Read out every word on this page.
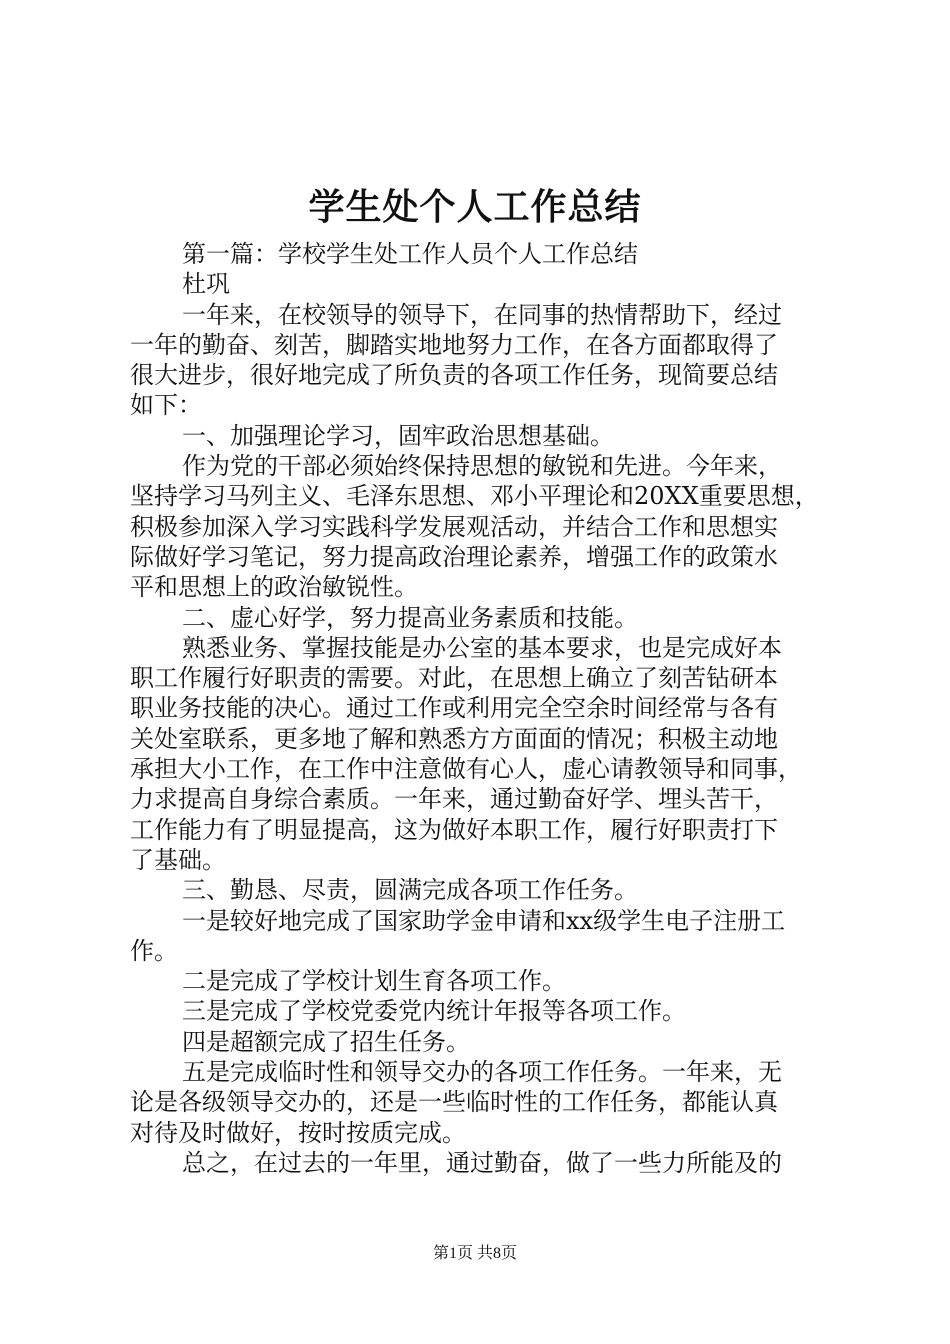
学生处个人工作总结
第一篇：学校学生处工作人员个人工作总结
杜巩
一年来，在校领导的领导下，在同事的热情帮助下，经过
一年的勤奋、刻苦，脚踏实地地努力工作，在各方面都取得了
很大进步，很好地完成了所负责的各项工作任务，现简要总结
如下：
一、加强理论学习，固牢政治思想基础。
作为党的干部必须始终保持思想的敏锐和先进。今年来，
坚持学习马列主义、毛泽东思想、邓小平理论和20XX重要思想，
积极参加深入学习实践科学发展观活动，并结合工作和思想实
际做好学习笔记，努力提高政治理论素养，增强工作的政策水
平和思想上的政治敏锐性。
二、虚心好学，努力提高业务素质和技能。
熟悉业务、掌握技能是办公室的基本要求，也是完成好本
职工作履行好职责的需要。对此，在思想上确立了刻苦钻研本
职业务技能的决心。通过工作或利用完全空余时间经常与各有
关处室联系，更多地了解和熟悉方方面面的情况；积极主动地
承担大小工作，在工作中注意做有心人，虚心请教领导和同事，
力求提高自身综合素质。一年来，通过勤奋好学、埋头苦干，
工作能力有了明显提高，这为做好本职工作，履行好职责打下
了基础。
三、勤恳、尽责，圆满完成各项工作任务。
一是较好地完成了国家助学金申请和xx级学生电子注册工
作。
二是完成了学校计划生育各项工作。
三是完成了学校党委党内统计年报等各项工作。
四是超额完成了招生任务。
五是完成临时性和领导交办的各项工作任务。一年来，无
论是各级领导交办的，还是一些临时性的工作任务，都能认真
对待及时做好，按时按质完成。
总之，在过去的一年里，通过勤奋，做了一些力所能及的
第1页 共8页
